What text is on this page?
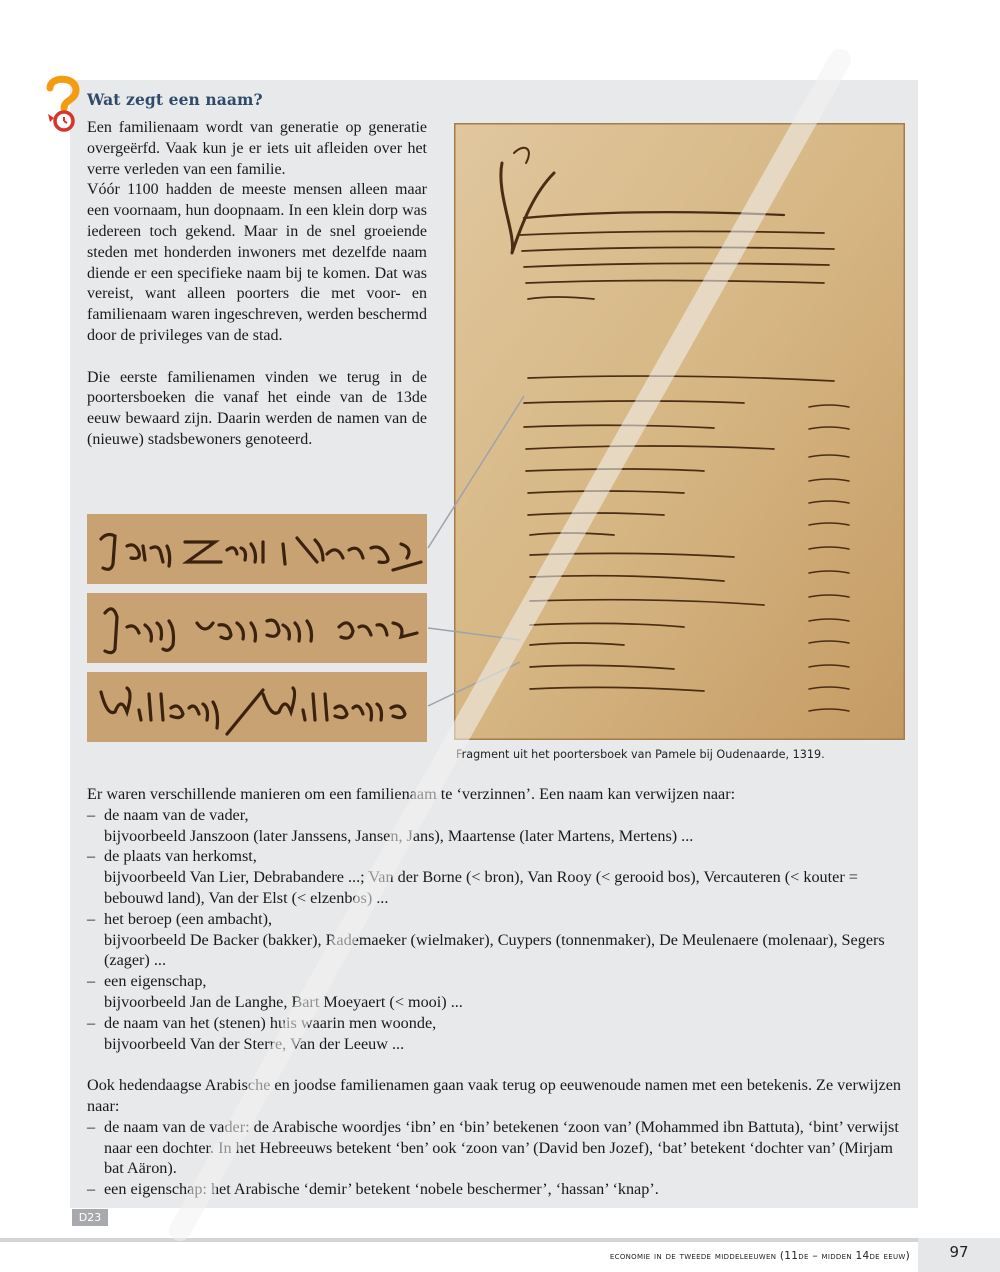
Wat zegt een naam?

Een familienaam wordt van generatie op generatie overgeërfd. Vaak kun je er iets uit afleiden over het verre verleden van een familie.

Vóór 1100 hadden de meeste mensen alleen maar een voornaam, hun doopnaam. In een klein dorp was iedereen toch gekend. Maar in de snel groeiende steden met honderden inwoners met dezelfde naam diende er een specifieke naam bij te komen. Dat was vereist, want alleen poorters die met voor- en familienaam waren ingeschreven, werden beschermd door de privileges van de stad.

Die eerste familienamen vinden we terug in de poortersboeken die vanaf het einde van de 13de eeuw bewaard zijn. Daarin werden de namen van de (nieuwe) stadsbewoners genoteerd.

Fragment uit het poortersboek van Pamele bij Oudenaarde, 1319.

Er waren verschillende manieren om een familienaam te ‘verzinnen’. Een naam kan verwijzen naar:

– de naam van de vader,
bijvoorbeeld Janszoon (later Janssens, Jansen, Jans), Maartense (later Martens, Mertens) ...
– de plaats van herkomst,
bijvoorbeeld Van Lier, Debrabandere ...; Van der Borne (< bron), Van Rooy (< gerooid bos), Vercauteren (< kouter = bebouwd land), Van der Elst (< elzenbos) ...
– het beroep (een ambacht),
bijvoorbeeld De Backer (bakker), Rademaeker (wielmaker), Cuypers (tonnenmaker), De Meulenaere (molenaar), Segers (zager) ...
– een eigenschap,
bijvoorbeeld Jan de Langhe, Bart Moeyaert (< mooi) ...
– de naam van het (stenen) huis waarin men woonde,
bijvoorbeeld Van der Sterre, Van der Leeuw ...

Ook hedendaagse Arabische en joodse familienamen gaan vaak terug op eeuwenoude namen met een betekenis. Ze verwijzen naar:

– de naam van de vader: de Arabische woordjes ‘ibn’ en ‘bin’ betekenen ‘zoon van’ (Mohammed ibn Battuta), ‘bint’ verwijst naar een dochter. In het Hebreeuws betekent ‘ben’ ook ‘zoon van’ (David ben Jozef), ‘bat’ betekent ‘dochter van’ (Mirjam bat Aäron).
– een eigenschap: het Arabische ‘demir’ betekent ‘nobele beschermer’, ‘hassan’ ‘knap’.
D23
economie in de tweede middeleeuwen (11de – midden 14de eeuw)	97
